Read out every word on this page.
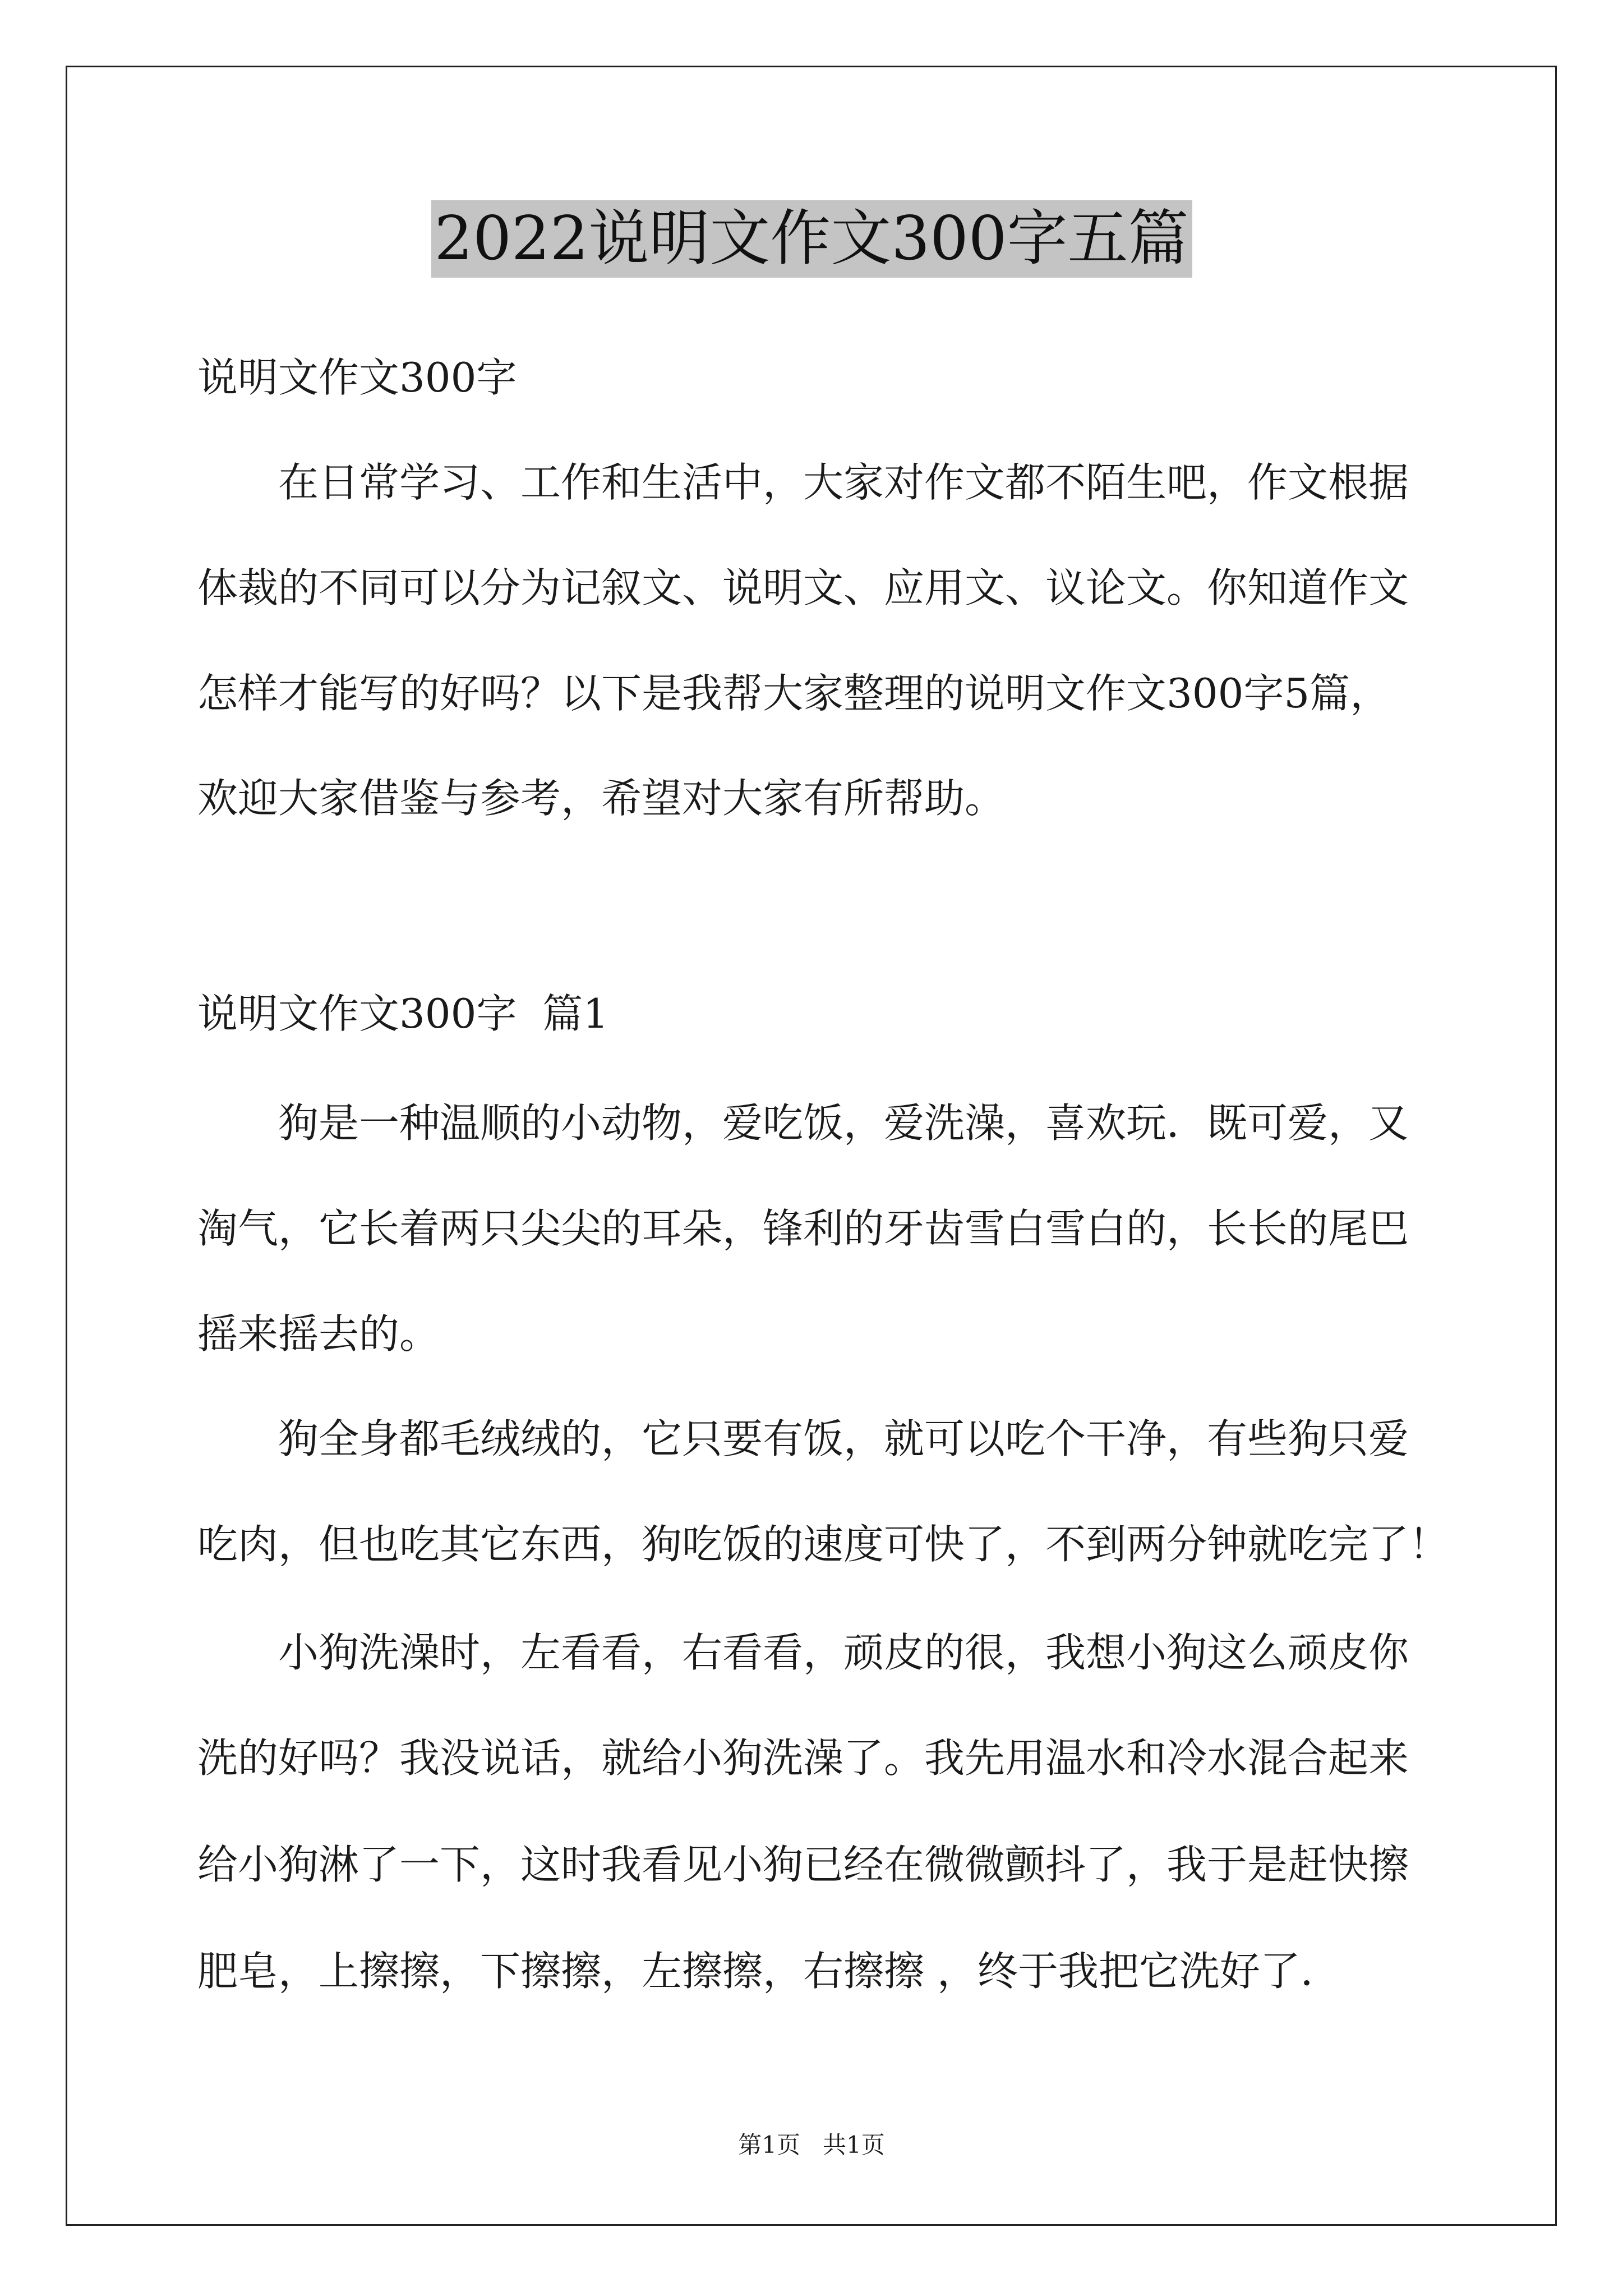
2022说明文作文300字五篇
说明文作文300字
在日常学习、工作和生活中，大家对作文都不陌生吧，作文根据
体裁的不同可以分为记叙文、说明文、应用文、议论文。你知道作文
怎样才能写的好吗？以下是我帮大家整理的说明文作文300字5篇，
欢迎大家借鉴与参考，希望对大家有所帮助。
说明文作文300字  篇1
狗是一种温顺的小动物，爱吃饭，爱洗澡，喜欢玩．既可爱，又
淘气，它长着两只尖尖的耳朵，锋利的牙齿雪白雪白的，长长的尾巴
摇来摇去的。
狗全身都毛绒绒的，它只要有饭，就可以吃个干净，有些狗只爱
吃肉，但也吃其它东西，狗吃饭的速度可快了，不到两分钟就吃完了！
小狗洗澡时，左看看，右看看，顽皮的很，我想小狗这么顽皮你
洗的好吗？我没说话，就给小狗洗澡了。我先用温水和冷水混合起来
给小狗淋了一下，这时我看见小狗已经在微微颤抖了，我于是赶快擦
肥皂，上擦擦，下擦擦，左擦擦，右擦擦 ，终于我把它洗好了．
第1页   共1页
